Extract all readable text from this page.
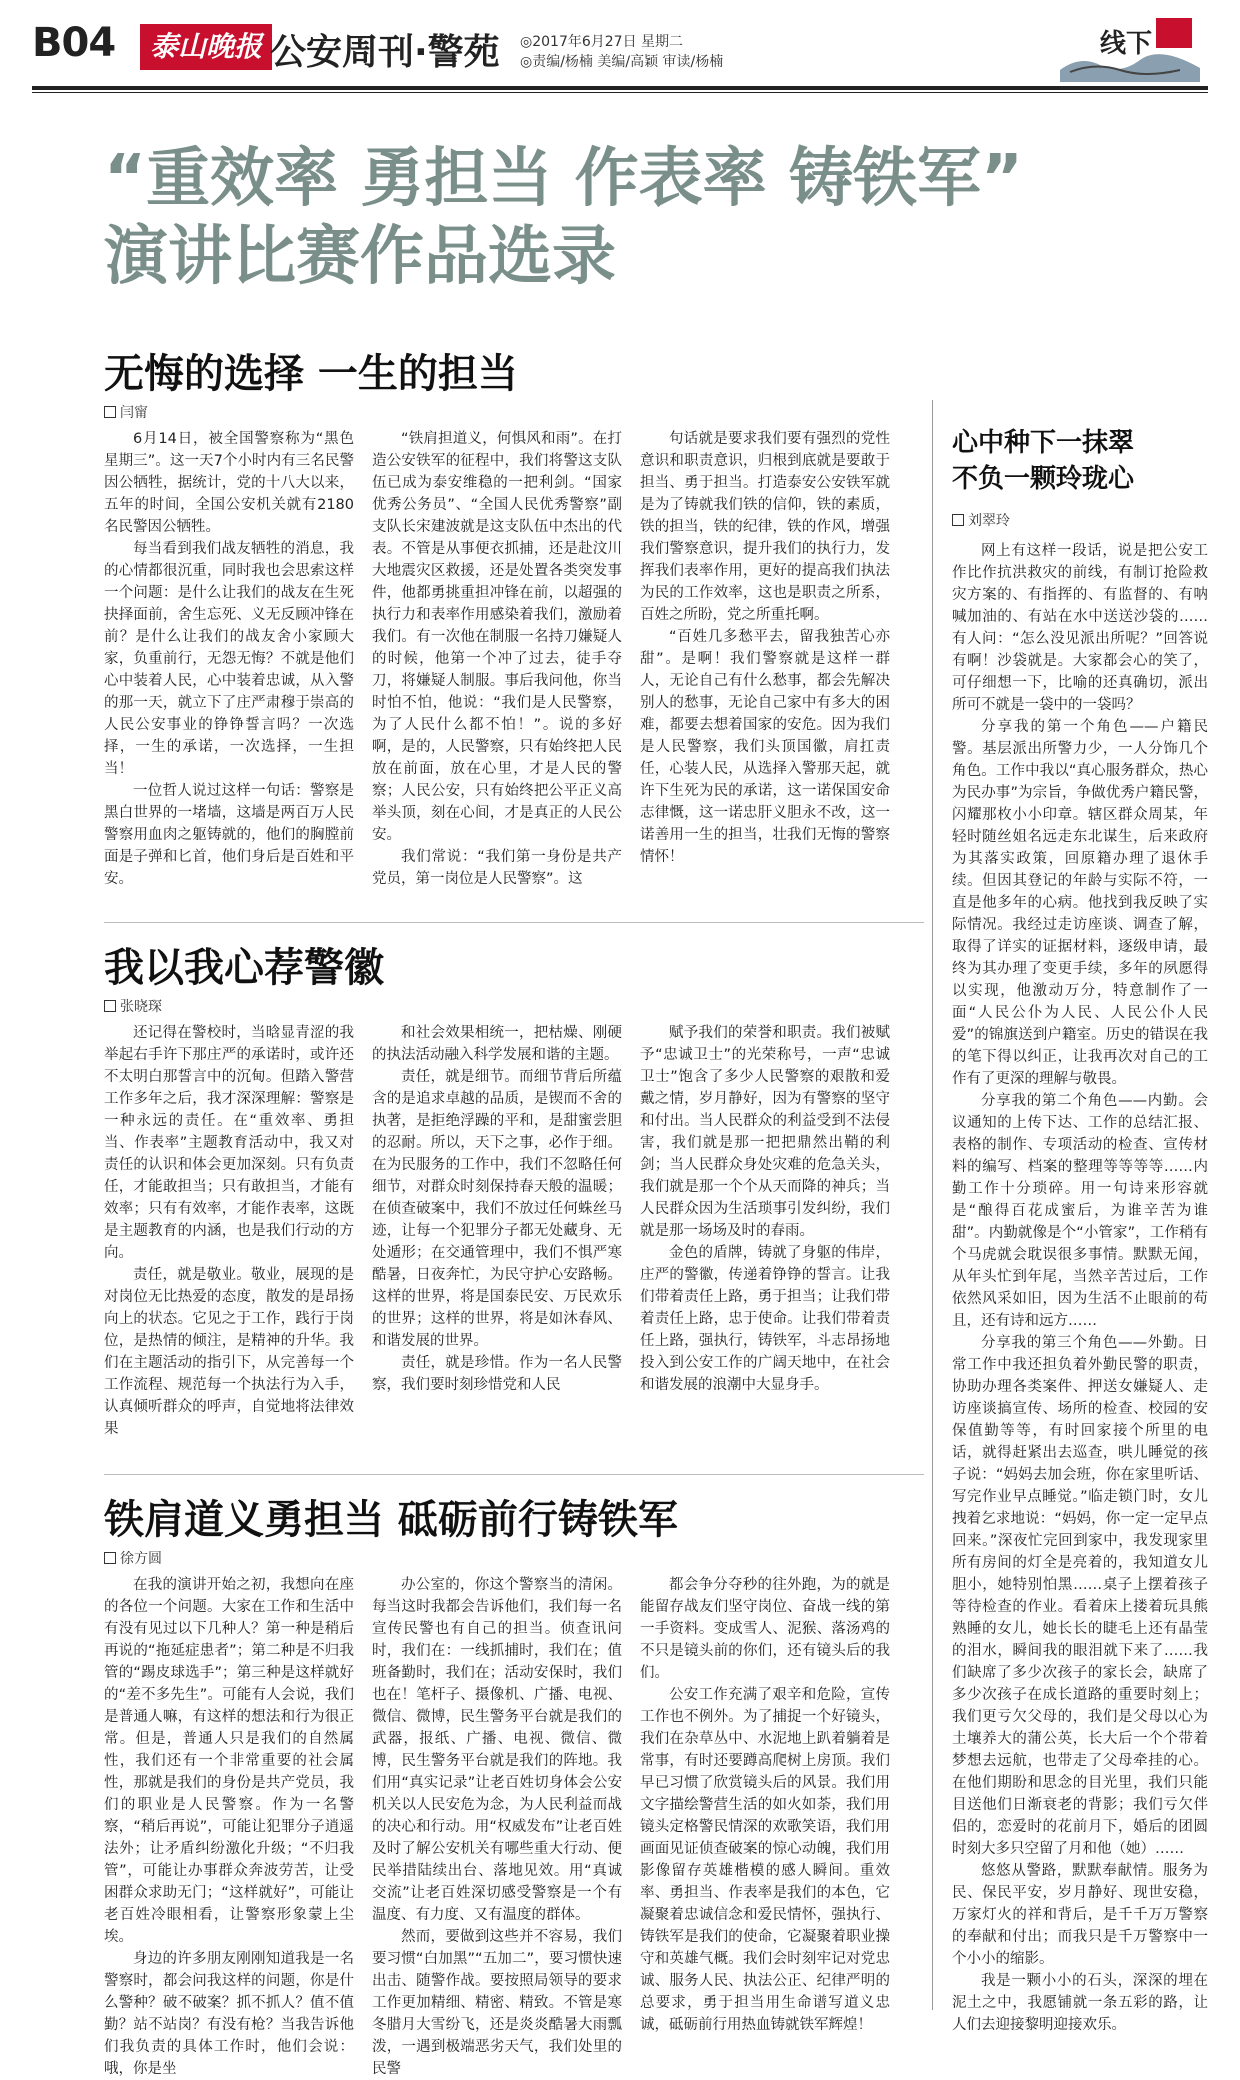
B04	泰山晚报 公安周刊·警苑 ◎2017年6月27日 星期二
◎责编/杨楠 美编/高颖 审读/杨楠
线下
“重效率 勇担当 作表率 铸铁军”
演讲比赛作品选录
无悔的选择 一生的担当
闫甯

6月14日，被全国警察称为“黑色星期三”。这一天7个小时内有三名民警因公牺牲，据统计，党的十八大以来，五年的时间，全国公安机关就有2180名民警因公牺牲。

每当看到我们战友牺牲的消息，我的心情都很沉重，同时我也会思索这样一个问题：是什么让我们的战友在生死抉择面前，舍生忘死、义无反顾冲锋在前？是什么让我们的战友舍小家顾大家，负重前行，无怨无悔？不就是他们心中装着人民，心中装着忠诚，从入警的那一天，就立下了庄严肃穆于崇高的人民公安事业的铮铮誓言吗？一次选择，一生的承诺，一次选择，一生担当！

一位哲人说过这样一句话：警察是黑白世界的一堵墙，这墙是两百万人民警察用血肉之躯铸就的，他们的胸膛前面是子弹和匕首，他们身后是百姓和平安。

“铁肩担道义，何惧风和雨”。在打造公安铁军的征程中，我们将警这支队伍已成为泰安维稳的一把利剑。“国家优秀公务员”、“全国人民优秀警察”副支队长宋建波就是这支队伍中杰出的代表。不管是从事便衣抓捕，还是赴汶川大地震灾区救援，还是处置各类突发事件，他都勇挑重担冲锋在前，以超强的执行力和表率作用感染着我们，激励着我们。有一次他在制服一名持刀嫌疑人的时候，他第一个冲了过去，徒手夺刀，将嫌疑人制服。事后我问他，你当时怕不怕，他说：“我们是人民警察，为了人民什么都不怕！”。说的多好啊，是的，人民警察，只有始终把人民放在前面，放在心里，才是人民的警察；人民公安，只有始终把公平正义高举头顶，刻在心间，才是真正的人民公安。

我们常说：“我们第一身份是共产党员，第一岗位是人民警察”。这

句话就是要求我们要有强烈的党性意识和职责意识，归根到底就是要敢于担当、勇于担当。打造泰安公安铁军就是为了铸就我们铁的信仰，铁的素质，铁的担当，铁的纪律，铁的作风，增强我们警察意识，提升我们的执行力，发挥我们表率作用，更好的提高我们执法为民的工作效率，这也是职责之所系，百姓之所盼，党之所重托啊。

“百姓几多愁平去，留我独苦心亦甜”。是啊！我们警察就是这样一群人，无论自己有什么愁事，都会先解决别人的愁事，无论自己家中有多大的困难，都要去想着国家的安危。因为我们是人民警察，我们头顶国徽，肩扛责任，心装人民，从选择入警那天起，就许下生死为民的承诺，这一诺保国安命志律慨，这一诺忠肝义胆永不改，这一诺善用一生的担当，壮我们无悔的警察情怀！

我以我心荐警徽
张晓琛

还记得在警校时，当晗显青涩的我举起右手许下那庄严的承诺时，或许还不太明白那誓言中的沉甸。但踏入警营工作多年之后，我才深深理解：警察是一种永远的责任。在“重效率、勇担当、作表率”主题教育活动中，我又对责任的认识和体会更加深刻。只有负责任，才能敢担当；只有敢担当，才能有效率；只有有效率，才能作表率，这既是主题教育的内涵，也是我们行动的方向。

责任，就是敬业。敬业，展现的是对岗位无比热爱的态度，散发的是昂扬向上的状态。它见之于工作，践行于岗位，是热情的倾注，是精神的升华。我们在主题活动的指引下，从完善每一个工作流程、规范每一个执法行为入手，认真倾听群众的呼声，自觉地将法律效果

和社会效果相统一，把枯燥、刚硬的执法活动融入科学发展和谐的主题。

责任，就是细节。而细节背后所蕴含的是追求卓越的品质，是锲而不舍的执著，是拒绝浮躁的平和，是甜蜜尝胆的忍耐。所以，天下之事，必作于细。在为民服务的工作中，我们不忽略任何细节，对群众时刻保持春天般的温暖；在侦查破案中，我们不放过任何蛛丝马迹，让每一个犯罪分子都无处藏身、无处遁形；在交通管理中，我们不惧严寒酷暑，日夜奔忙，为民守护心安路畅。这样的世界，将是国泰民安、万民欢乐的世界；这样的世界，将是如沐春风、和谐发展的世界。

责任，就是珍惜。作为一名人民警察，我们要时刻珍惜党和人民

赋予我们的荣誉和职责。我们被赋予“忠诚卫士”的光荣称号，一声“忠诚卫士”饱含了多少人民警察的艰散和爱戴之情，岁月静好，因为有警察的坚守和付出。当人民群众的利益受到不法侵害，我们就是那一把把鼎然出鞘的利剑；当人民群众身处灾难的危急关头，我们就是那一个个从天而降的神兵；当人民群众因为生活琐事引发纠纷，我们就是那一场场及时的春雨。

金色的盾牌，铸就了身躯的伟岸，庄严的警徽，传递着铮铮的誓言。让我们带着责任上路，勇于担当；让我们带着责任上路，忠于使命。让我们带着责任上路，强执行，铸铁军，斗志昂扬地投入到公安工作的广阔天地中，在社会和谐发展的浪潮中大显身手。

铁肩道义勇担当 砥砺前行铸铁军
徐方圆

在我的演讲开始之初，我想向在座的各位一个问题。大家在工作和生活中有没有见过以下几种人？第一种是稍后再说的“拖延症患者”；第二种是不归我管的“踢皮球选手”；第三种是这样就好的“差不多先生”。可能有人会说，我们是普通人嘛，有这样的想法和行为很正常。但是，普通人只是我们的自然属性，我们还有一个非常重要的社会属性，那就是我们的身份是共产党员，我们的职业是人民警察。作为一名警察，“稍后再说”，可能让犯罪分子逍遥法外；让矛盾纠纷激化升级；“不归我管”，可能让办事群众奔波劳苦，让受困群众求助无门；“这样就好”，可能让老百姓冷眼相看，让警察形象蒙上尘埃。

身边的许多朋友刚刚知道我是一名警察时，都会问我这样的问题，你是什么警种？破不破案？抓不抓人？值不值勤？站不站岗？有没有枪？当我告诉他们我负责的具体工作时，他们会说：哦，你是坐

办公室的，你这个警察当的清闲。每当这时我都会告诉他们，我们每一名宣传民警也有自己的担当。侦查讯问时，我们在：一线抓捕时，我们在；值班备勤时，我们在；活动安保时，我们也在！笔杆子、摄像机、广播、电视、微信、微博，民生警务平台就是我们的武器，报纸、广播、电视、微信、微博，民生警务平台就是我们的阵地。我们用“真实记录”让老百姓切身体会公安机关以人民安危为念，为人民利益而战的决心和行动。用“权威发布”让老百姓及时了解公安机关有哪些重大行动、便民举措陆续出台、落地见效。用“真诚交流”让老百姓深切感受警察是一个有温度、有力度、又有温度的群体。

然而，要做到这些并不容易，我们要习惯“白加黑”“五加二”，要习惯快速出击、随警作战。要按照局领导的要求工作更加精细、精密、精致。不管是寒冬腊月大雪纷飞，还是炎炎酷暑大雨瓢泼，一遇到极端恶劣天气，我们处里的民警

都会争分夺秒的往外跑，为的就是能留存战友们坚守岗位、奋战一线的第一手资料。变成雪人、泥猴、落汤鸡的不只是镜头前的你们，还有镜头后的我们。

公安工作充满了艰辛和危险，宣传工作也不例外。为了捕捉一个好镜头，我们在杂草丛中、水泥地上趴着躺着是常事，有时还要蹲高爬树上房顶。我们早已习惯了欣赏镜头后的风景。我们用文字描绘警营生活的如火如荼，我们用镜头定格警民情深的欢歌笑语，我们用画面见证侦查破案的惊心动魄，我们用影像留存英雄楷模的感人瞬间。重效率、勇担当、作表率是我们的本色，它凝聚着忠诚信念和爱民情怀，强执行、铸铁军是我们的使命，它凝聚着职业操守和英雄气概。我们会时刻牢记对党忠诚、服务人民、执法公正、纪律严明的总要求，勇于担当用生命谱写道义忠诚，砥砺前行用热血铸就铁军辉煌！

心中种下一抹翠
不负一颗玲珑心
刘翠玲

网上有这样一段话，说是把公安工作比作抗洪救灾的前线，有制订抢险救灾方案的、有指挥的、有监督的、有呐喊加油的、有站在水中送送沙袋的……有人问：“怎么没见派出所呢？”回答说有啊！沙袋就是。大家都会心的笑了，可仔细想一下，比喻的还真确切，派出所可不就是一袋中的一袋吗？

分享我的第一个角色——户籍民警。基层派出所警力少，一人分饰几个角色。工作中我以“真心服务群众，热心为民办事”为宗旨，争做优秀户籍民警，闪耀那枚小小印章。辖区群众周某，年轻时随丝姐名远走东北谋生，后来政府为其落实政策，回原籍办理了退休手续。但因其登记的年龄与实际不符，一直是他多年的心病。他找到我反映了实际情况。我经过走访座谈、调查了解，取得了详实的证据材料，逐级申请，最终为其办理了变更手续，多年的夙愿得以实现，他激动万分，特意制作了一面“人民公仆为人民、人民公仆人民爱”的锦旗送到户籍室。历史的错误在我的笔下得以纠正，让我再次对自己的工作有了更深的理解与敬畏。

分享我的第二个角色——内勤。会议通知的上传下达、工作的总结汇报、表格的制作、专项活动的检查、宣传材料的编写、档案的整理等等等等……内勤工作十分琐碎。用一句诗来形容就是“酿得百花成蜜后，为谁辛苦为谁甜”。内勤就像是个“小管家”，工作稍有个马虎就会耽误很多事情。默默无闻，从年头忙到年尾，当然辛苦过后，工作依然风采如旧，因为生活不止眼前的苟且，还有诗和远方……

分享我的第三个角色——外勤。日常工作中我还担负着外勤民警的职责，协助办理各类案件、押送女嫌疑人、走访座谈搞宣传、场所的检查、校园的安保值勤等等，有时回家接个所里的电话，就得赶紧出去巡查，哄儿睡觉的孩子说：“妈妈去加会班，你在家里听话、写完作业早点睡觉。”临走锁门时，女儿拽着乞求地说：“妈妈，你一定一定早点回来。”深夜忙完回到家中，我发现家里所有房间的灯全是亮着的，我知道女儿胆小，她特别怕黑……桌子上摆着孩子等待检查的作业。看着床上搂着玩具熊熟睡的女儿，她长长的睫毛上还有晶莹的泪水，瞬间我的眼泪就下来了……我们缺席了多少次孩子的家长会，缺席了多少次孩子在成长道路的重要时刻上；我们更亏欠父母的，我们是父母以心为土壤养大的蒲公英，长大后一个个带着梦想去远航，也带走了父母牵挂的心。在他们期盼和思念的目光里，我们只能目送他们日渐衰老的背影；我们亏欠伴侣的，恋爱时的花前月下，婚后的团圆时刻大多只空留了月和他（她）……

悠悠从警路，默默奉献情。服务为民、保民平安，岁月静好、现世安稳，万家灯火的祥和背后，是千千万万警察的奉献和付出；而我只是千万警察中一个小小的缩影。

我是一颗小小的石头，深深的埋在泥土之中，我愿铺就一条五彩的路，让人们去迎接黎明迎接欢乐。
